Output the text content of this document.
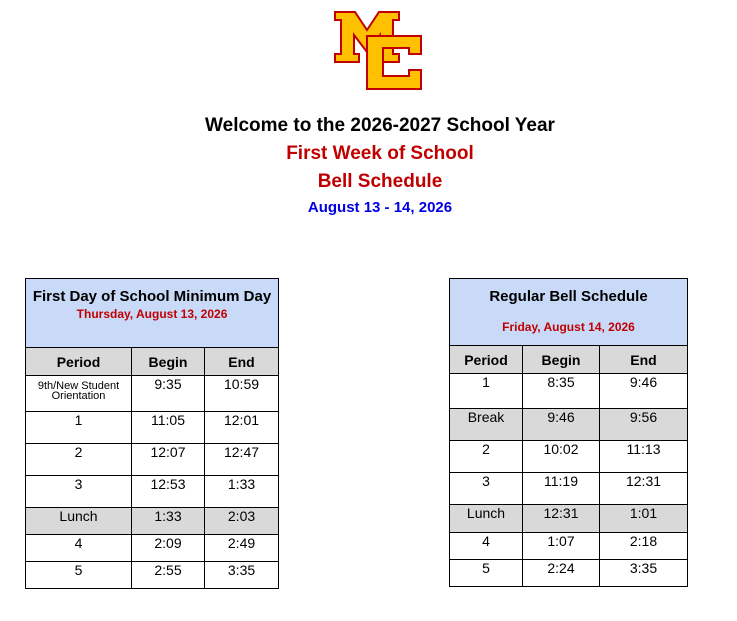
Welcome to the 2026-2027 School Year
First Week of School
Bell Schedule
August 13 - 14, 2026
First Day of School Minimum Day
Thursday, August 13, 2026		

Period	Begin	End
9th/New Student Orientation	9:35	10:59
1	11:05	12:01
2	12:07	12:47
3	12:53	1:33
Lunch	1:33	2:03
4	2:09	2:49
5	2:55	3:35
Regular Bell Schedule
Friday, August 14, 2026		

Period	Begin	End
1	8:35	9:46
Break	9:46	9:56
2	10:02	11:13
3	11:19	12:31
Lunch	12:31	1:01
4	1:07	2:18
5	2:24	3:35
